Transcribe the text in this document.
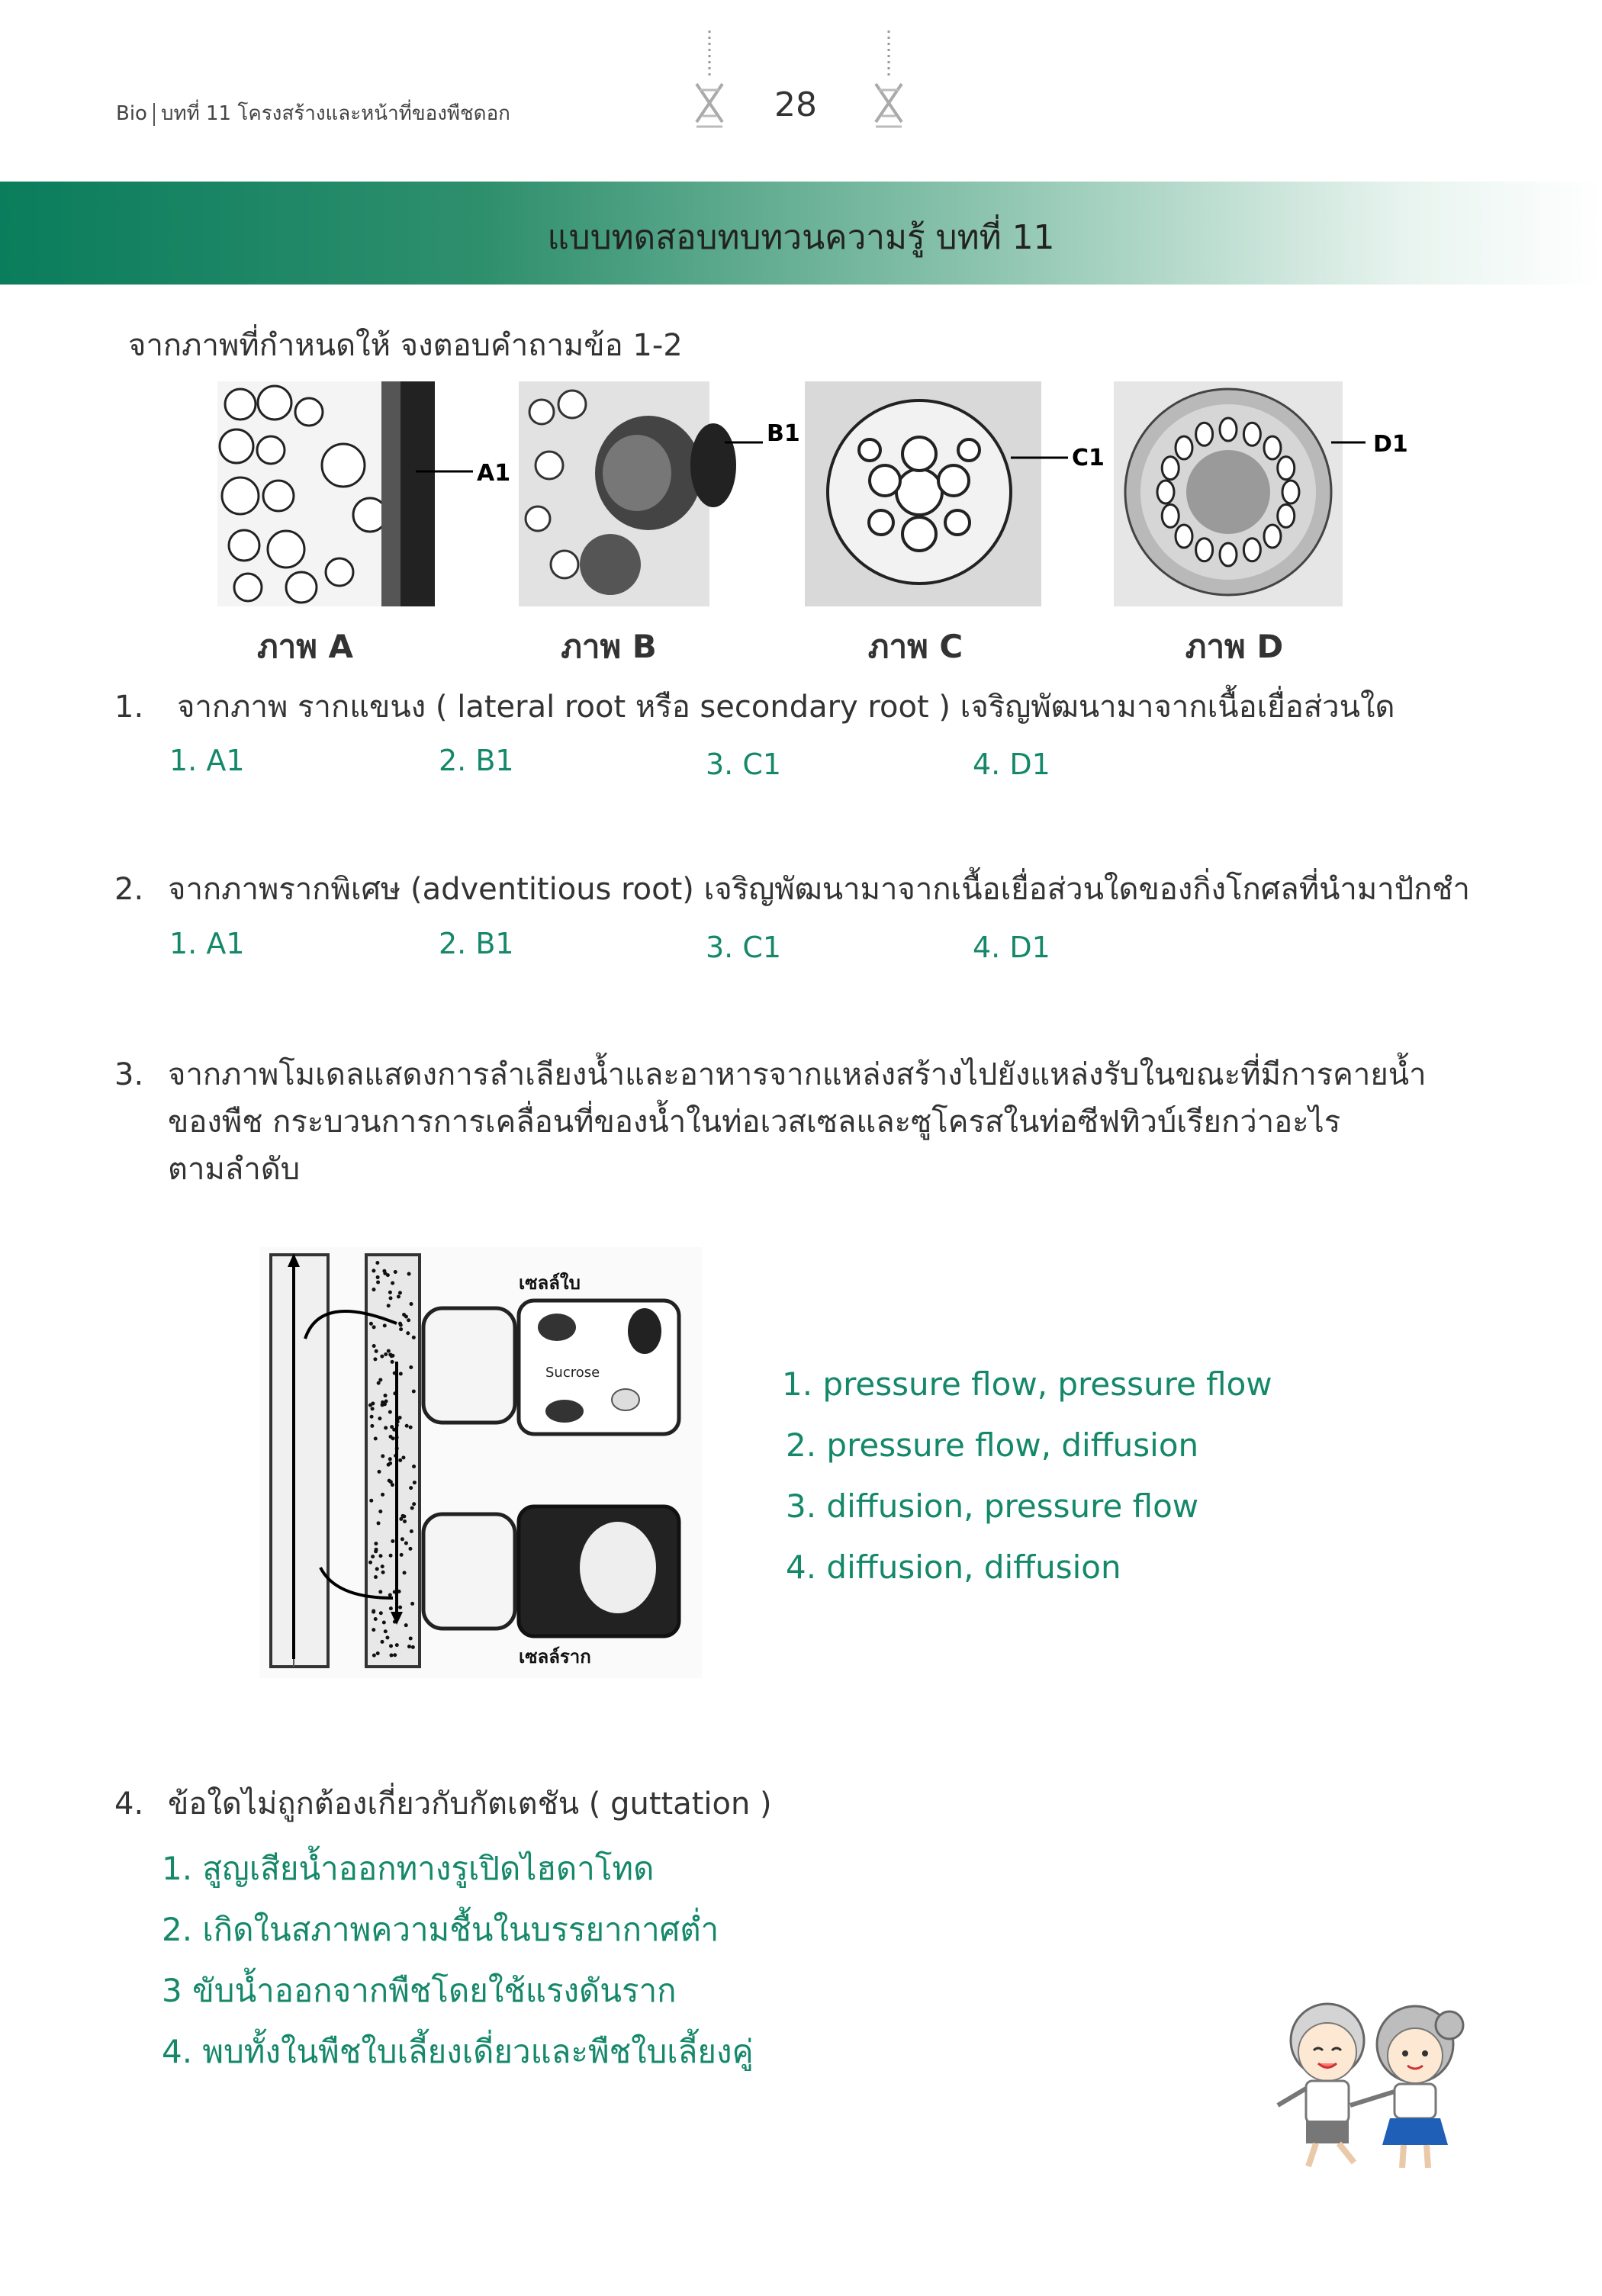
Bio บทที่ 11 โครงสร้างและหน้าที่ของพืชดอก	28
แบบทดสอบทบทวนความรู้ บทที่ 11
จากภาพที่กำหนดให้ จงตอบคำถามข้อ 1-2
A1
B1
C1
D1
ภาพ A	ภาพ B	ภาพ C	ภาพ D
1. จากภาพ รากแขนง ( lateral root หรือ secondary root ) เจริญพัฒนามาจากเนื้อเยื่อส่วนใด
1. A1	2. B1	3. C1	4. D1
2. จากภาพรากพิเศษ (adventitious root) เจริญพัฒนามาจากเนื้อเยื่อส่วนใดของกิ่งโกศลที่นำมาปักชำ
1. A1	2. B1	3. C1	4. D1
3. จากภาพโมเดลแสดงการลำเลียงน้ำและอาหารจากแหล่งสร้างไปยังแหล่งรับในขณะที่มีการคายน้ำ
ของพืช กระบวนการการเคลื่อนที่ของน้ำในท่อเวสเซลและซูโครสในท่อซีฟทิวบ์เรียกว่าอะไร
ตามลำดับ
Sucrose
เซลล์ใบ
เซลล์ราก
1. pressure flow, pressure flow
2. pressure flow, diffusion
3. diffusion, pressure flow
4. diffusion, diffusion
4. ข้อใดไม่ถูกต้องเกี่ยวกับกัตเตชัน ( guttation )
1. สูญเสียน้ำออกทางรูเปิดไฮดาโทด
2. เกิดในสภาพความชื้นในบรรยากาศต่ำ
3 ขับน้ำออกจากพืชโดยใช้แรงดันราก
4. พบทั้งในพืชใบเลี้ยงเดี่ยวและพืชใบเลี้ยงคู่
